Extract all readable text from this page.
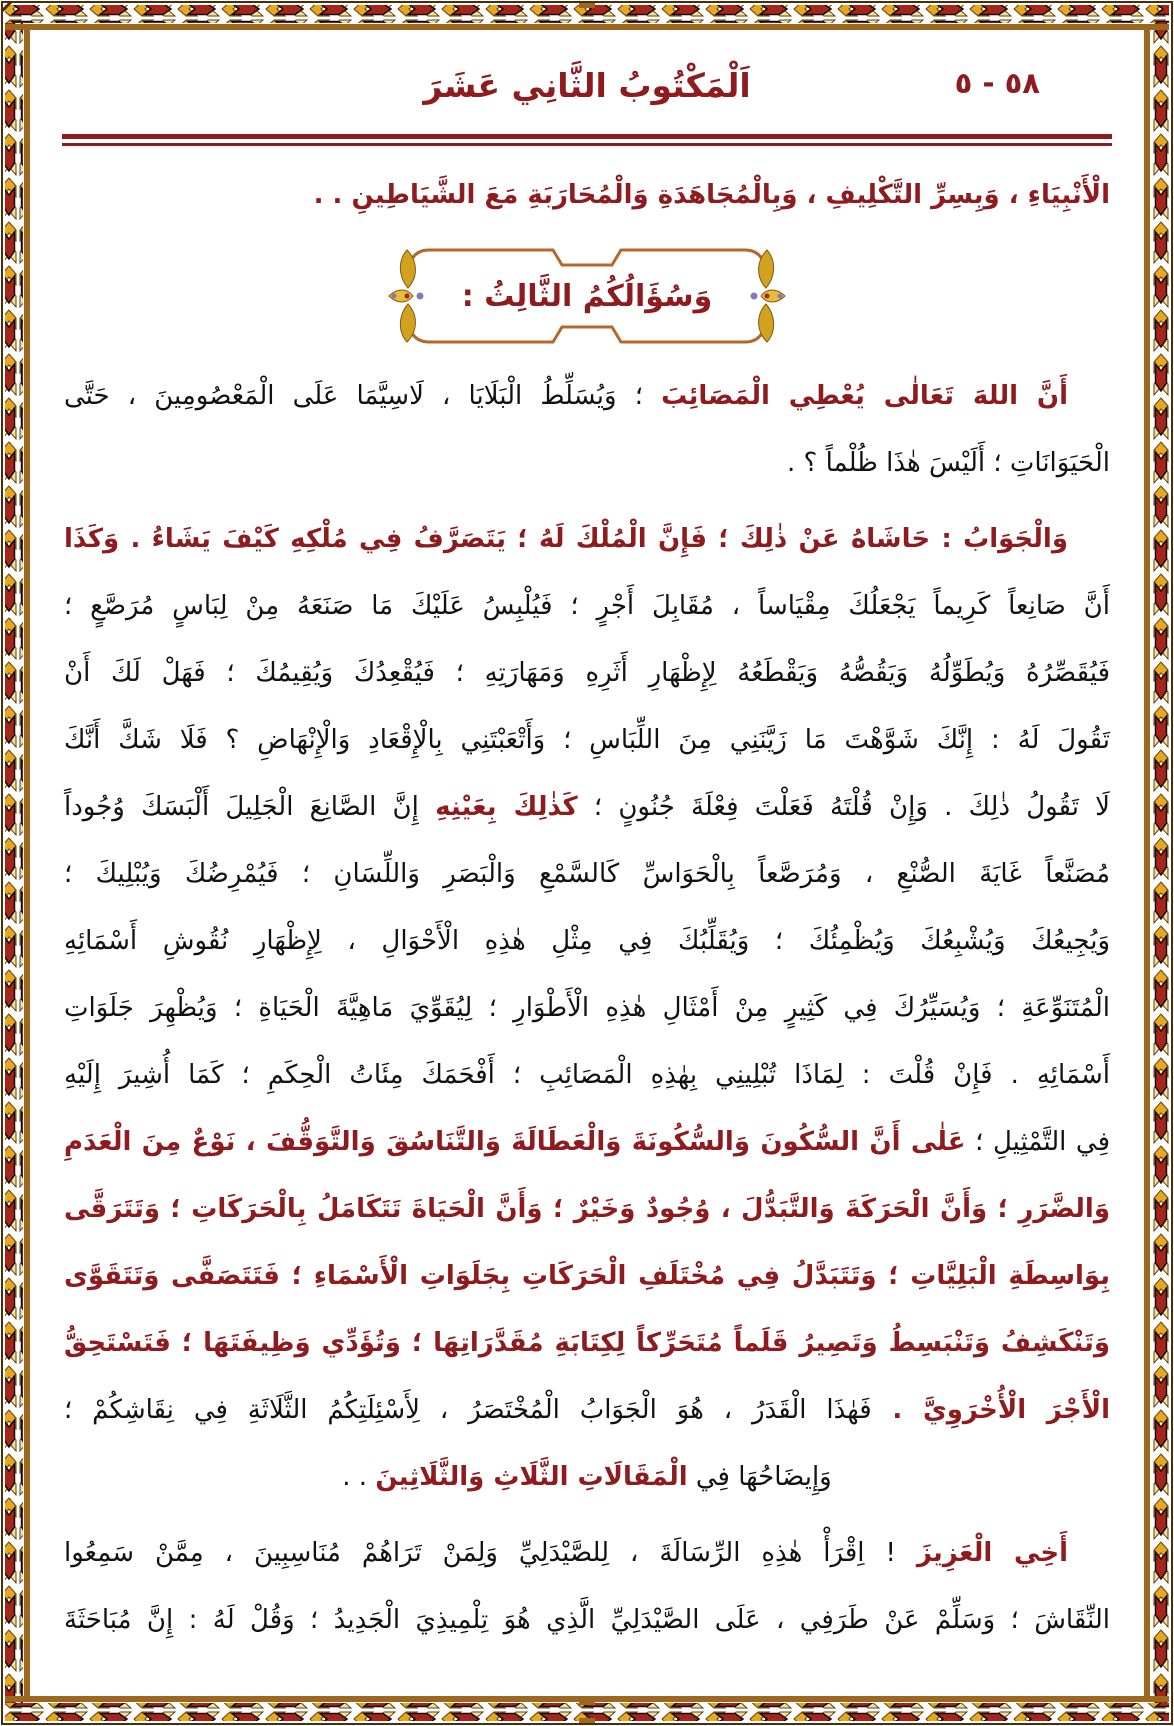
٥٨ - ٥
اَلْمَكْتُوبُ الثَّانِي عَشَرَ
الْأَنْبِيَاءِ ، وَبِسِرِّ التَّكْلِيفِ ، وَبِالْمُجَاهَدَةِ وَالْمُحَارَبَةِ مَعَ الشَّيَاطِينِ . .
وَسُؤَالُكُمُ الثَّالِثُ :
أَنَّ اللهَ تَعَالٰى يُعْطِي الْمَصَائِبَ ؛ وَيُسَلِّطُ الْبَلَايَا ، لَاسِيَّمَا عَلَى الْمَعْصُومِينَ ، حَتَّى
الْحَيَوَانَاتِ ؛ أَلَيْسَ هٰذَا ظُلْماً ؟ .
وَالْجَوَابُ : حَاشَاهُ عَنْ ذٰلِكَ ؛ فَإِنَّ الْمُلْكَ لَهُ ؛ يَتَصَرَّفُ فِي مُلْكِهِ كَيْفَ يَشَاءُ . وَكَذَا
أَنَّ صَانِعاً كَرِيماً يَجْعَلُكَ مِقْيَاساً ، مُقَابِلَ أَجْرٍ ؛ فَيُلْبِسُ عَلَيْكَ مَا صَنَعَهُ مِنْ لِبَاسٍ مُرَصَّعٍ ؛
فَيُقَصِّرُهُ وَيُطَوِّلُهُ وَيَقُصُّهُ وَيَقْطَعُهُ لِإِظْهَارِ أَثَرِهِ وَمَهَارَتِهِ ؛ فَيُقْعِدُكَ وَيُقِيمُكَ ؛ فَهَلْ لَكَ أَنْ
تَقُولَ لَهُ : إِنَّكَ شَوَّهْتَ مَا زَيَّنَنِي مِنَ اللِّبَاسِ ؛ وَأَتْعَبْتَنِي بِالْإِقْعَادِ وَالْإِنْهَاضِ ؟ فَلَا شَكَّ أَنَّكَ
لَا تَقُولُ ذٰلِكَ . وَإِنْ قُلْتَهُ فَعَلْتَ فِعْلَةَ جُنُونٍ ؛ كَذٰلِكَ بِعَيْنِهِ إِنَّ الصَّانِعَ الْجَلِيلَ أَلْبَسَكَ وُجُوداً
مُصَنَّعاً غَايَةَ الصُّنْعِ ، وَمُرَصَّعاً بِالْحَوَاسِّ كَالسَّمْعِ وَالْبَصَرِ وَاللِّسَانِ ؛ فَيُمْرِضُكَ وَيُبْلِيكَ ؛
وَيُجِيعُكَ وَيُشْبِعُكَ وَيُظْمِئُكَ ؛ وَيُقَلِّبُكَ فِي مِثْلِ هٰذِهِ الْأَحْوَالِ ، لِإِظْهَارِ نُقُوشِ أَسْمَائِهِ
الْمُتَنَوِّعَةِ ؛ وَيُسَيِّرُكَ فِي كَثِيرٍ مِنْ أَمْثَالِ هٰذِهِ الْأَطْوَارِ ؛ لِيُقَوِّيَ مَاهِيَّةَ الْحَيَاةِ ؛ وَيُظْهِرَ جَلَوَاتِ
أَسْمَائِهِ . فَإِنْ قُلْتَ : لِمَاذَا تُبْلِينِي بِهٰذِهِ الْمَصَائِبِ ؛ أَفْحَمَكَ مِئَاتُ الْحِكَمِ ؛ كَمَا أُشِيرَ إِلَيْهِ
فِي التَّمْثِيلِ ؛ عَلٰى أَنَّ السُّكُونَ وَالسُّكُونَةَ وَالْعَطَالَةَ وَالتَّنَاسُقَ وَالتَّوَقُّفَ ، نَوْعٌ مِنَ الْعَدَمِ
وَالضَّرَرِ ؛ وَأَنَّ الْحَرَكَةَ وَالتَّبَدُّلَ ، وُجُودٌ وَخَيْرٌ ؛ وَأَنَّ الْحَيَاةَ تَتَكَامَلُ بِالْحَرَكَاتِ ؛ وَتَتَرَقَّى
بِوَاسِطَةِ الْبَلِيَّاتِ ؛ وَتَتَبَدَّلُ فِي مُخْتَلَفِ الْحَرَكَاتِ بِجَلَوَاتِ الْأَسْمَاءِ ؛ فَتَتَصَفَّى وَتَتَقَوَّى
وَتَنْكَشِفُ وَتَنْبَسِطُ وَتَصِيرُ قَلَماً مُتَحَرِّكاً لِكِتَابَةِ مُقَدَّرَاتِهَا ؛ وَتُؤَدِّي وَظِيفَتَهَا ؛ فَتَسْتَحِقُّ
الْأَجْرَ الْأُخْرَوِيَّ . فَهٰذَا الْقَدَرُ ، هُوَ الْجَوَابُ الْمُخْتَصَرُ ، لِأَسْئِلَتِكُمُ الثَّلَاثَةِ فِي نِقَاشِكُمْ ؛
وَإِيضَاحُهَا فِي الْمَقَالَاتِ الثَّلَاثِ وَالثَّلَاثِينَ . .
أَخِي الْعَزِيزَ ! اِقْرَأْ هٰذِهِ الرِّسَالَةَ ، لِلصَّيْدَلِيِّ وَلِمَنْ تَرَاهُمْ مُنَاسِبِينَ ، مِمَّنْ سَمِعُوا
النِّقَاشَ ؛ وَسَلِّمْ عَنْ طَرَفِي ، عَلَى الصَّيْدَلِيِّ الَّذِي هُوَ تِلْمِيذِيَ الْجَدِيدُ ؛ وَقُلْ لَهُ : إِنَّ مُبَاحَثَةَ
